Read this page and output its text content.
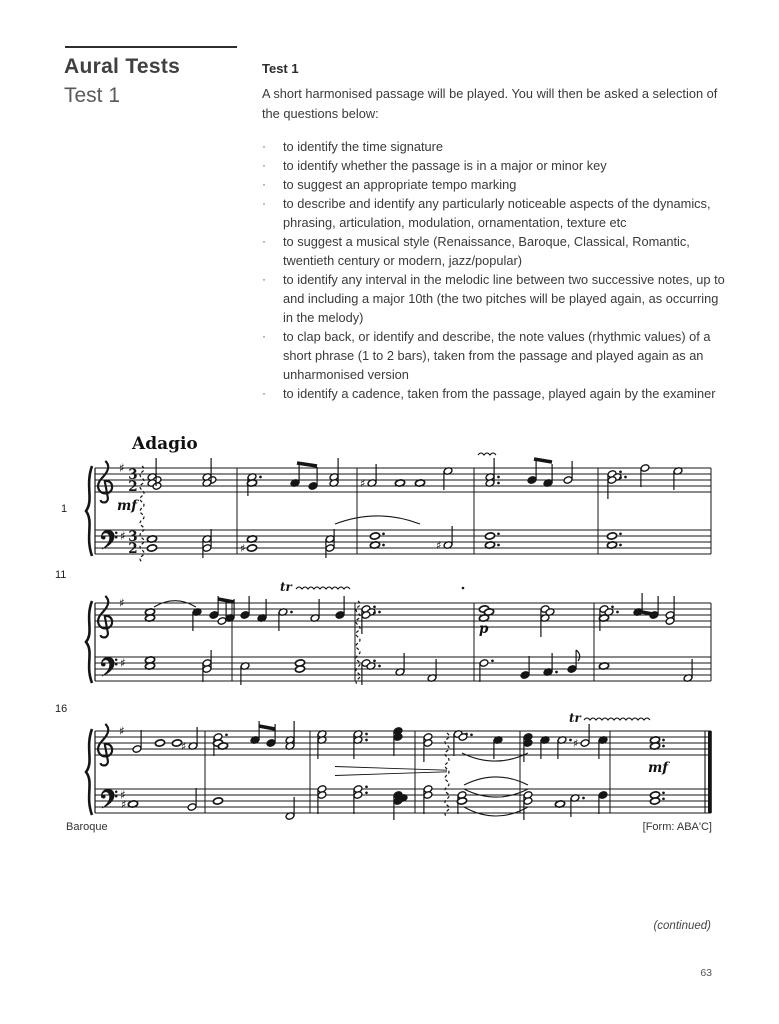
Aural Tests
Test 1
Test 1
A short harmonised passage will be played. You will then be asked a selection of the questions below:
·	to identify the time signature
·	to identify whether the passage is in a major or minor key
·	to suggest an appropriate tempo marking
·	to describe and identify any particularly noticeable aspects of the dynamics, phrasing, articulation, modulation, ornamentation, texture etc
·	to suggest a musical style (Renaissance, Baroque, Classical, Romantic, twentieth century or modern, jazz/popular)
·	to identify any interval in the melodic line between two successive notes, up to and including a major 10th (the two pitches will be played again, as occurring in the melody)
·	to clap back, or identify and describe, the note values (rhythmic values) of a short phrase (1 to 2 bars), taken from the passage and played again as an unharmonised version
·	to identify a cadence, taken from the passage, played again by the examiner
♯
♯
3
2
3
2
♯
♯	♯
♯
♯
♯
♯
♯	♯
♯
Adagio
1
11
16
mf
p
mf
tr
tr
Baroque	[Form: ABA'C]
(continued)
63
